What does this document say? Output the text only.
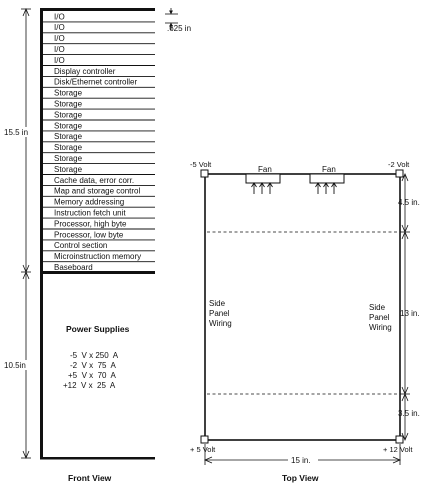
I/O
I/O
I/O
I/O
I/O
Display controller
Disk/Ethernet controller
Storage
Storage
Storage
Storage
Storage
Storage
Storage
Storage
Cache data, error corr.
Map and storage control
Memory addressing
Instruction fetch unit
Processor, high byte
Processor, low byte
Control section
Microinstruction memory
Baseboard
.625 in
15.5 in
10.5in
Power Supplies
-5  V x 250  A
-2  V x  75  A
+5  V x  70  A
+12  V x  25  A
Front View
-5 Volt	-2 Volt
+ 5 Volt	+ 12 Volt
Fan	Fan
Side
Panel
Wiring
Side
Panel
Wiring
4.5 in.
13 in.
3.5 in.
15 in.
Top View
